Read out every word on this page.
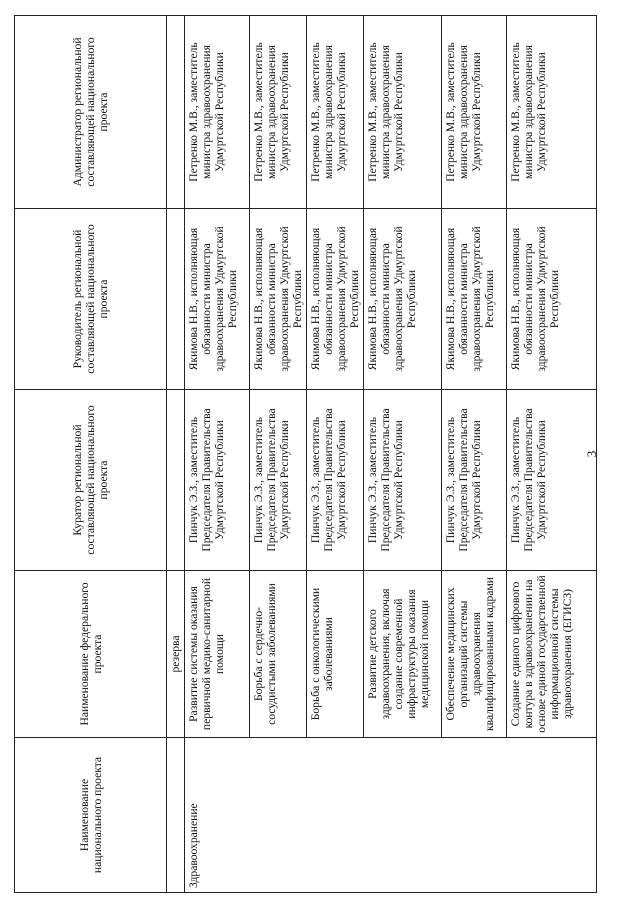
Наименование национального проекта	Наименование федерального проекта	Куратор региональной составляющей национального проекта	Руководитель региональной составляющей национального проекта	Администратор региональной составляющей национального проекта
	резерва			
Здравоохранение	Развитие системы оказания первичной медико-санитарной помощи	Пинчук Э.З., заместитель Председателя Правительства Удмуртской Республики	Якимова Н.В., исполняющая обязанности министра здравоохранения Удмуртской Республики	Петренко М.В., заместитель министра здравоохранения Удмуртской Республики
	Борьба с сердечно-сосудистыми заболеваниями	Пинчук Э.З., заместитель Председателя Правительства Удмуртской Республики	Якимова Н.В., исполняющая обязанности министра здравоохранения Удмуртской Республики	Петренко М.В., заместитель министра здравоохранения Удмуртской Республики
	Борьба с онкологическими заболеваниями	Пинчук Э.З., заместитель Председателя Правительства Удмуртской Республики	Якимова Н.В., исполняющая обязанности министра здравоохранения Удмуртской Республики	Петренко М.В., заместитель министра здравоохранения Удмуртской Республики
	Развитие детского здравоохранения, включая создание современной инфраструктуры оказания медицинской помощи	Пинчук Э.З., заместитель Председателя Правительства Удмуртской Республики	Якимова Н.В., исполняющая обязанности министра здравоохранения Удмуртской Республики	Петренко М.В., заместитель министра здравоохранения Удмуртской Республики
	Обеспечение медицинских организаций системы здравоохранения квалифицированными кадрами	Пинчук Э.З., заместитель Председателя Правительства Удмуртской Республики	Якимова Н.В., исполняющая обязанности министра здравоохранения Удмуртской Республики	Петренко М.В., заместитель министра здравоохранения Удмуртской Республики
	Создание единого цифрового контура в здравоохранении на основе единой государственной информационной системы здравоохранения (ЕГИСЗ)	Пинчук Э.З., заместитель Председателя Правительства Удмуртской Республики	Якимова Н.В., исполняющая обязанности министра здравоохранения Удмуртской Республики	Петренко М.В., заместитель министра здравоохранения Удмуртской Республики
3
